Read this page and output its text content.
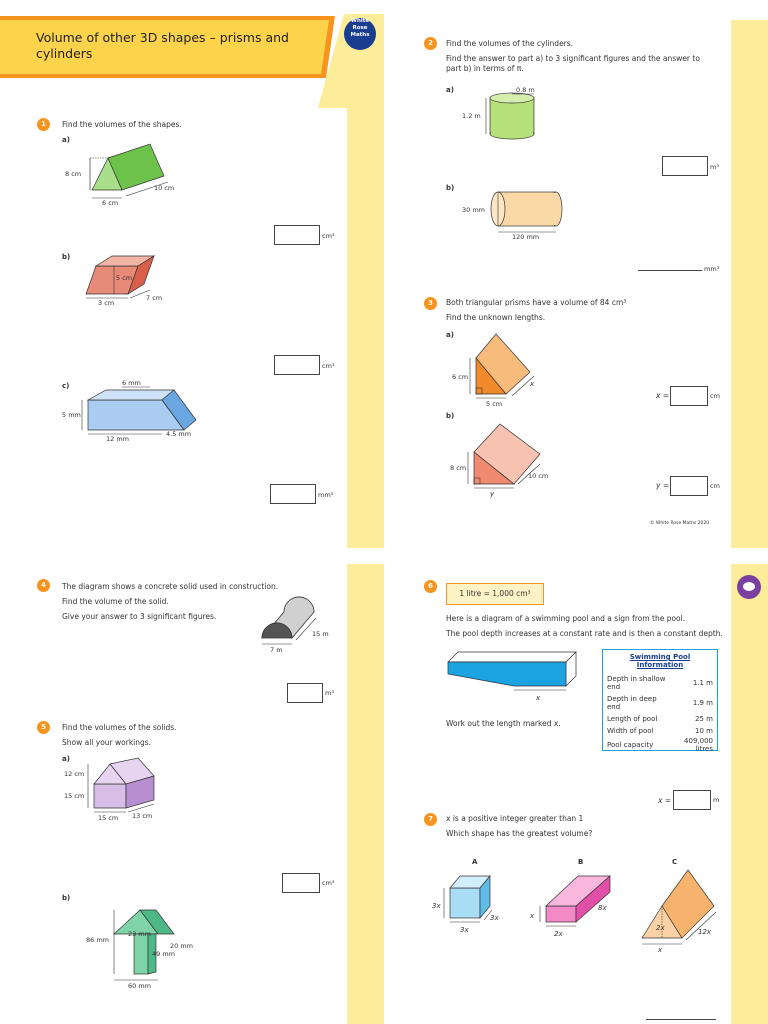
White
Rose
Maths
Volume of other 3D shapes – prisms and cylinders
1	Find the volumes of the shapes.
a)
8 cm
6 cm
10 cm
cm³
b)
5 cm
3 cm
7 cm
cm³
c)	6 mm
5 mm
12 mm
4.5 mm
mm³
2	Find the volumes of the cylinders.
Find the answer to part a) to 3 significant figures and the answer to
part b) in terms of π.
a)	0.8 m
1.2 m
m³
b)
30 mm
120 mm
mm³
3	Both triangular prisms have a volume of 84 cm³
Find the unknown lengths.
a)
6 cm
5 cm
x
x =	cm
b)
8 cm
10 cm
y
y =	cm
© White Rose Maths 2020
4	The diagram shows a concrete solid used in construction.
Find the volume of the solid.
Give your answer to 3 significant figures.
7 m
15 m
m³
5	Find the volumes of the solids.
Show all your workings.
a)
12 cm
15 cm
15 cm 13 cm
cm³
b)
86 mm
23 mm
20 mm
49 mm
60 mm
6
1 litre = 1,000 cm³
Here is a diagram of a swimming pool and a sign from the pool.
The pool depth increases at a constant rate and is then a constant depth.
x
Work out the length marked x.
Swimming Pool Information
Depth in shallow end	1.1 m
Depth in deep end	1.9 m
Length of pool	25 m
Width of pool	10 m
Pool capacity	409,000 litres
x =	m
7	x is a positive integer greater than 1
Which shape has the greatest volume?
A
3x
3x
3x
B
x
2x
8x
C
2x
x
12x
